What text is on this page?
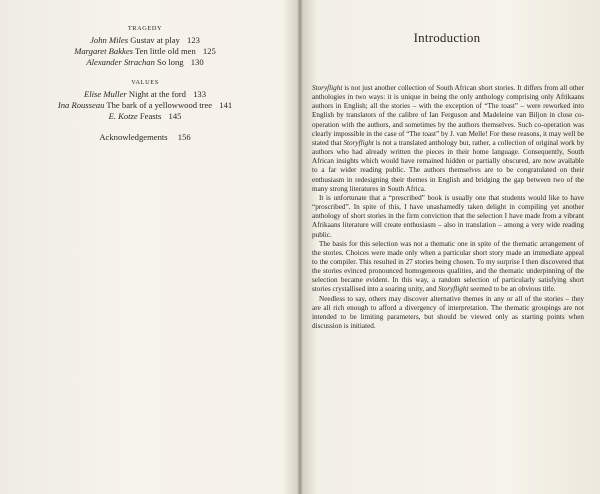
TRAGEDY
John Miles Gustav at play 123
Margaret Bakkes Ten little old men 125
Alexander Strachan So long 130
VALUES
Elise Muller Night at the ford 133
Ina Rousseau The bark of a yellowwood tree 141
E. Kotze Feasts 145
Acknowledgements 156
Introduction

Storyflight is not just another collection of South African short stories. It differs from all other anthologies in two ways: it is unique in being the only anthology comprising only Afrikaans authors in English; all the stories – with the exception of “The toast” – were reworked into English by translators of the calibre of Ian Ferguson and Madeleine van Biljon in close co-operation with the authors, and sometimes by the authors themselves. Such co-operation was clearly impossible in the case of “The toast” by J. van Melle! For these reasons, it may well be stated that Storyflight is not a translated anthology but, rather, a collection of original work by authors who had already written the pieces in their home language. Consequently, South African insights which would have remained hidden or partially obscured, are now available to a far wider reading public. The authors themselves are to be congratulated on their enthusiasm in redesigning their themes in English and bridging the gap between two of the many strong literatures in South Africa.

It is unfortunate that a “prescribed” book is usually one that students would like to have “proscribed”. In spite of this, I have unashamedly taken delight in compiling yet another anthology of short stories in the firm conviction that the selection I have made from a vibrant Afrikaans literature will create enthusiasm – also in translation – among a very wide reading public.

The basis for this selection was not a thematic one in spite of the thematic arrangement of the stories. Choices were made only when a particular short story made an immediate appeal to the compiler. This resulted in 27 stories being chosen. To my surprise I then discovered that the stories evinced pronounced homogeneous qualities, and the thematic underpinning of the selection became evident. In this way, a random selection of particularly satisfying short stories crystallised into a soaring unity, and Storyflight seemed to be an obvious title.

Needless to say, others may discover alternative themes in any or all of the stories – they are all rich enough to afford a divergency of interpretation. The thematic groupings are not intended to be limiting parameters, but should be viewed only as starting points when discussion is initiated.
